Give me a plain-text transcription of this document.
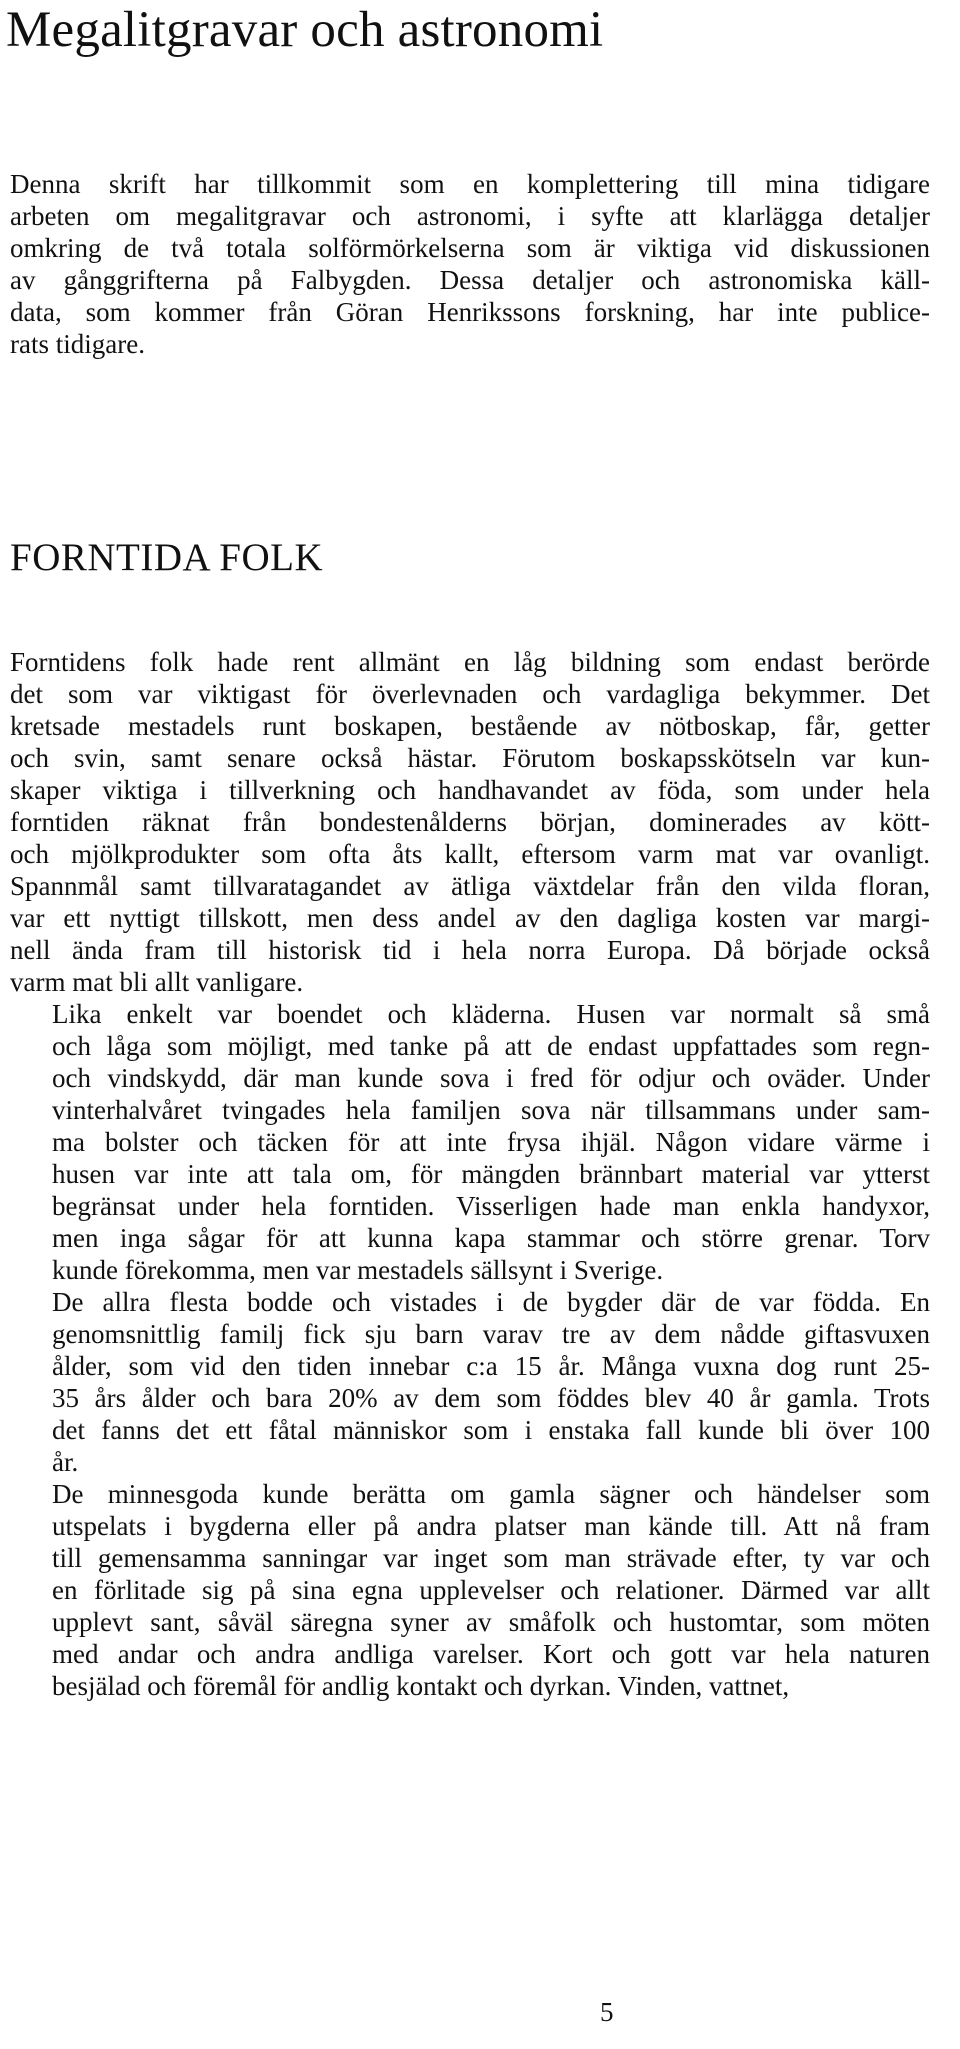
Megalitgravar och astronomi

Denna skrift har tillkommit som en komplettering till mina tidigare
arbeten om megalitgravar och astronomi, i syfte att klarlägga detaljer
omkring de två totala solförmörkelserna som är viktiga vid diskussionen
av gånggrifterna på Falbygden. Dessa detaljer och astronomiska käll-
data, som kommer från Göran Henrikssons forskning, har inte publice-
rats tidigare.

FORNTIDA FOLK

Forntidens folk hade rent allmänt en låg bildning som endast berörde
det som var viktigast för överlevnaden och vardagliga bekymmer. Det
kretsade mestadels runt boskapen, bestående av nötboskap, får, getter
och svin, samt senare också hästar. Förutom boskapsskötseln var kun-
skaper viktiga i tillverkning och handhavandet av föda, som under hela
forntiden räknat från bondestenålderns början, dominerades av kött-
och mjölkprodukter som ofta åts kallt, eftersom varm mat var ovanligt.
Spannmål samt tillvaratagandet av ätliga växtdelar från den vilda floran,
var ett nyttigt tillskott, men dess andel av den dagliga kosten var margi-
nell ända fram till historisk tid i hela norra Europa. Då började också
varm mat bli allt vanligare.

Lika enkelt var boendet och kläderna. Husen var normalt så små
och låga som möjligt, med tanke på att de endast uppfattades som regn-
och vindskydd, där man kunde sova i fred för odjur och oväder. Under
vinterhalvåret tvingades hela familjen sova när tillsammans under sam-
ma bolster och täcken för att inte frysa ihjäl. Någon vidare värme i
husen var inte att tala om, för mängden brännbart material var ytterst
begränsat under hela forntiden. Visserligen hade man enkla handyxor,
men inga sågar för att kunna kapa stammar och större grenar. Torv
kunde förekomma, men var mestadels sällsynt i Sverige.

De allra flesta bodde och vistades i de bygder där de var födda. En
genomsnittlig familj fick sju barn varav tre av dem nådde giftasvuxen
ålder, som vid den tiden innebar c:a 15 år. Många vuxna dog runt 25-
35 års ålder och bara 20% av dem som föddes blev 40 år gamla. Trots
det fanns det ett fåtal människor som i enstaka fall kunde bli över 100
år.

De minnesgoda kunde berätta om gamla sägner och händelser som
utspelats i bygderna eller på andra platser man kände till. Att nå fram
till gemensamma sanningar var inget som man strävade efter, ty var och
en förlitade sig på sina egna upplevelser och relationer. Därmed var allt
upplevt sant, såväl säregna syner av småfolk och hustomtar, som möten
med andar och andra andliga varelser. Kort och gott var hela naturen
besjälad och föremål för andlig kontakt och dyrkan. Vinden, vattnet,

5
